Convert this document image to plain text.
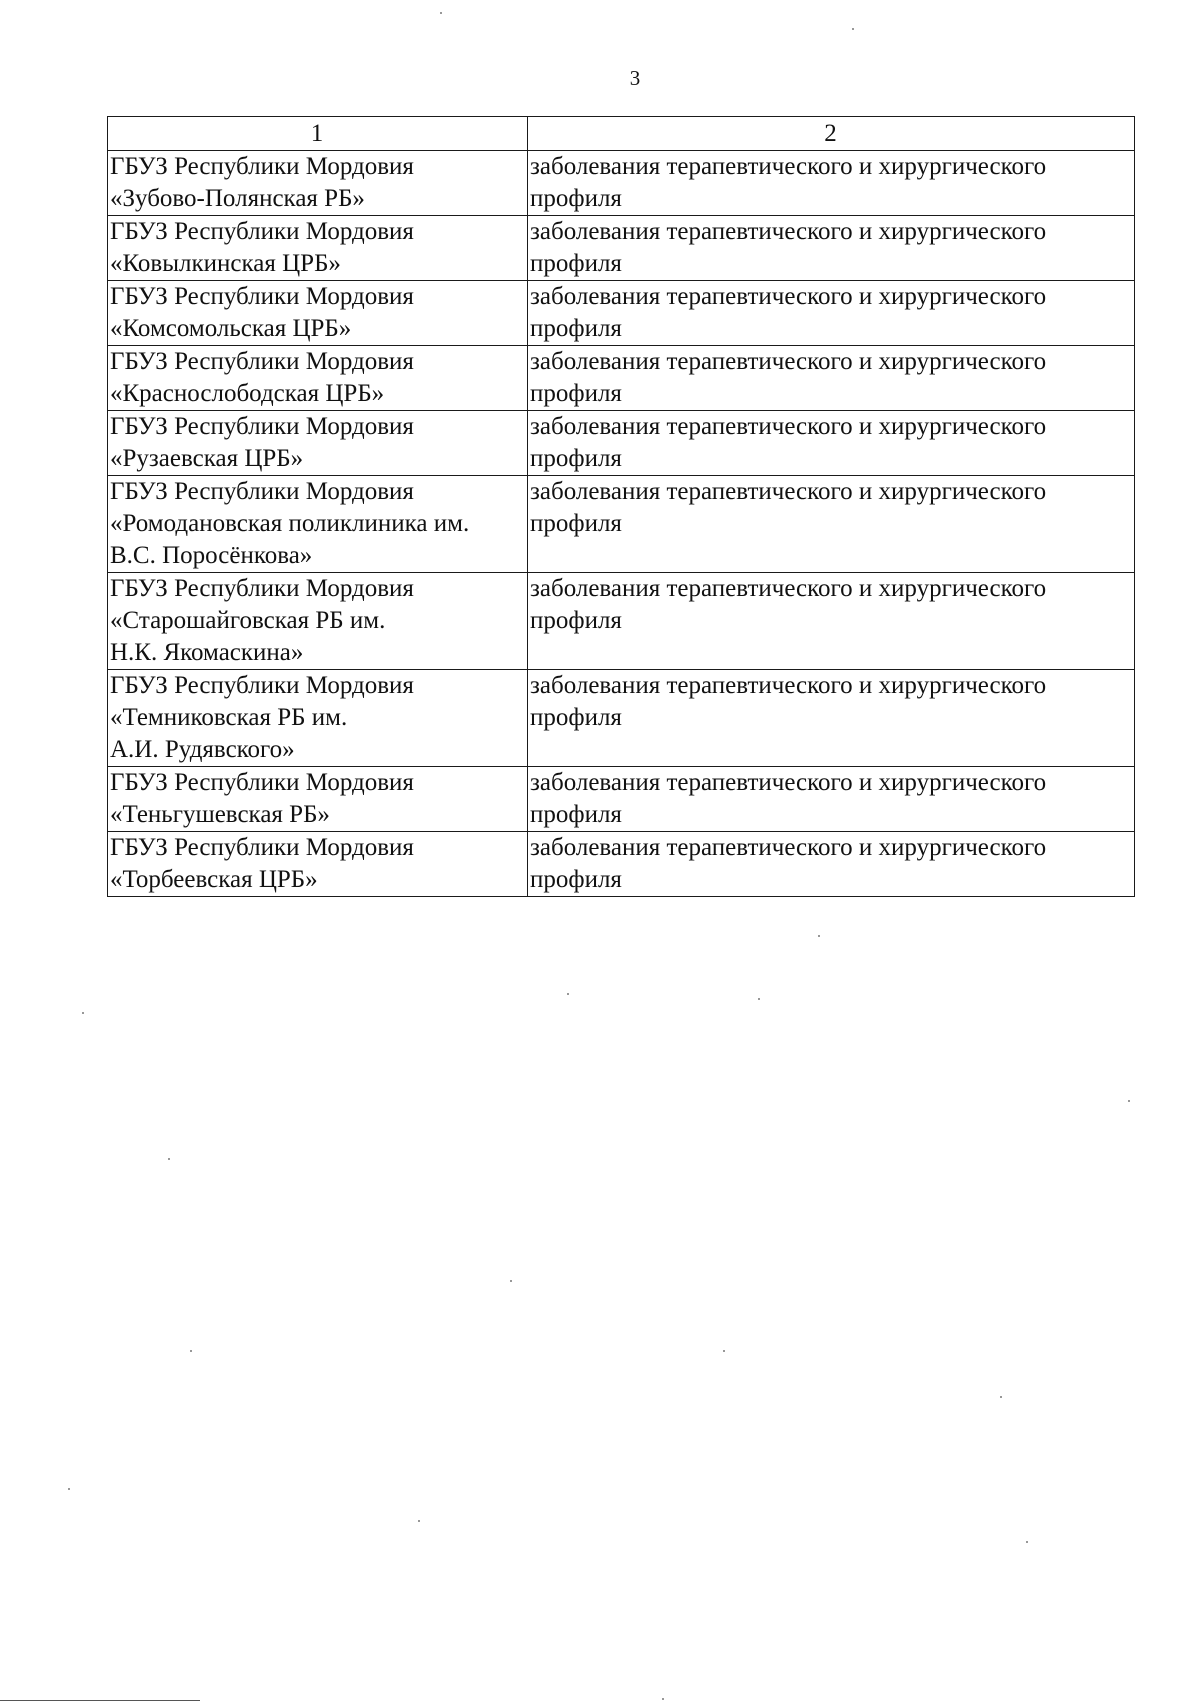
3
1	2

ГБУЗ Республики Мордовия
«Зубово-Полянская РБ»	заболевания терапевтического и хирургического
профиля

ГБУЗ Республики Мордовия
«Ковылкинская ЦРБ»	заболевания терапевтического и хирургического
профиля

ГБУЗ Республики Мордовия
«Комсомольская ЦРБ»	заболевания терапевтического и хирургического
профиля

ГБУЗ Республики Мордовия
«Краснослободская ЦРБ»	заболевания терапевтического и хирургического
профиля

ГБУЗ Республики Мордовия
«Рузаевская ЦРБ»	заболевания терапевтического и хирургического
профиля

ГБУЗ Республики Мордовия
«Ромодановская поликлиника им.
В.С. Поросёнкова»	заболевания терапевтического и хирургического
профиля

ГБУЗ Республики Мордовия
«Старошайговская РБ им.
Н.К. Якомаскина»	заболевания терапевтического и хирургического
профиля

ГБУЗ Республики Мордовия
«Темниковская РБ им.
А.И. Рудявского»	заболевания терапевтического и хирургического
профиля

ГБУЗ Республики Мордовия
«Теньгушевская РБ»	заболевания терапевтического и хирургического
профиля

ГБУЗ Республики Мордовия
«Торбеевская ЦРБ»	заболевания терапевтического и хирургического
профиля
